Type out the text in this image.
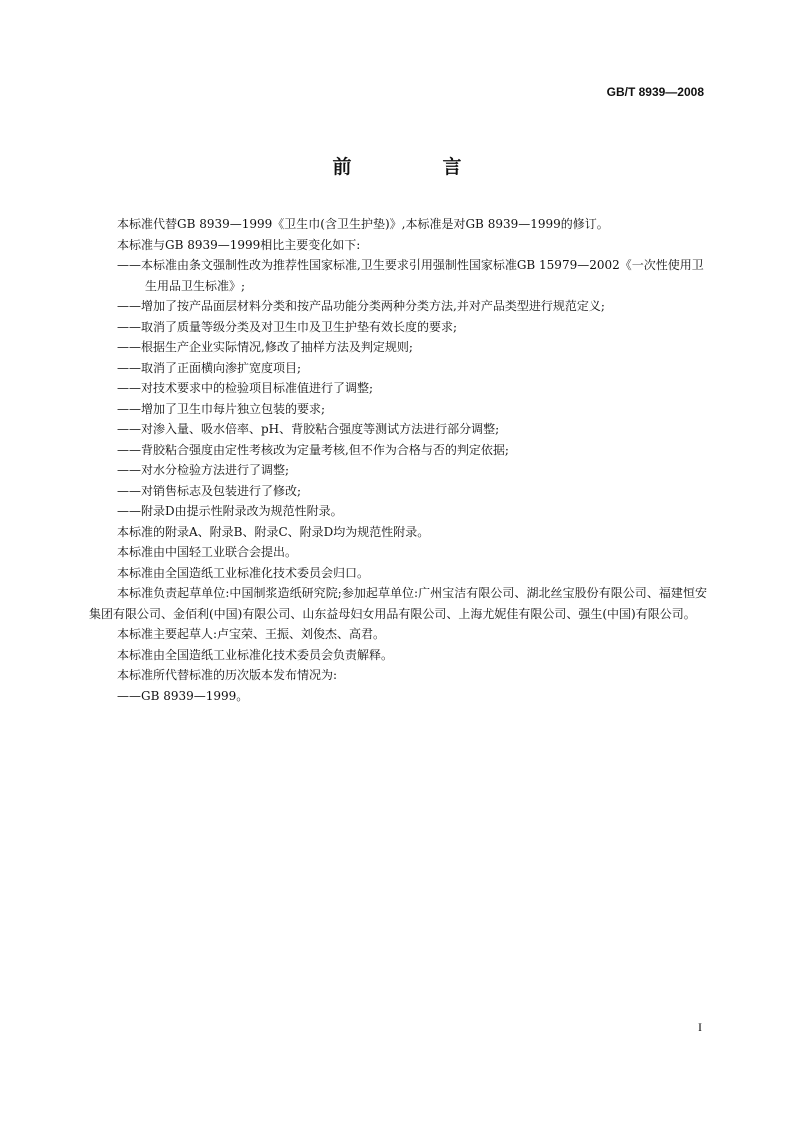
GB/T 8939—2008
前　言

本标准代替GB 8939—1999《卫生巾(含卫生护垫)》,本标准是对GB 8939—1999的修订。

本标准与GB 8939—1999相比主要变化如下:

——本标准由条文强制性改为推荐性国家标准,卫生要求引用强制性国家标准GB 15979—2002《一次性使用卫生用品卫生标准》;

——增加了按产品面层材料分类和按产品功能分类两种分类方法,并对产品类型进行规范定义;

——取消了质量等级分类及对卫生巾及卫生护垫有效长度的要求;

——根据生产企业实际情况,修改了抽样方法及判定规则;

——取消了正面横向渗扩宽度项目;

——对技术要求中的检验项目标准值进行了调整;

——增加了卫生巾每片独立包装的要求;

——对渗入量、吸水倍率、pH、背胶粘合强度等测试方法进行部分调整;

——背胶粘合强度由定性考核改为定量考核,但不作为合格与否的判定依据;

——对水分检验方法进行了调整;

——对销售标志及包装进行了修改;

——附录D由提示性附录改为规范性附录。

本标准的附录A、附录B、附录C、附录D均为规范性附录。

本标准由中国轻工业联合会提出。

本标准由全国造纸工业标准化技术委员会归口。

本标准负责起草单位:中国制浆造纸研究院;参加起草单位:广州宝洁有限公司、湖北丝宝股份有限公司、福建恒安集团有限公司、金佰利(中国)有限公司、山东益母妇女用品有限公司、上海尤妮佳有限公司、强生(中国)有限公司。

本标准主要起草人:卢宝荣、王振、刘俊杰、高君。

本标准由全国造纸工业标准化技术委员会负责解释。

本标准所代替标准的历次版本发布情况为:

——GB 8939—1999。

I
